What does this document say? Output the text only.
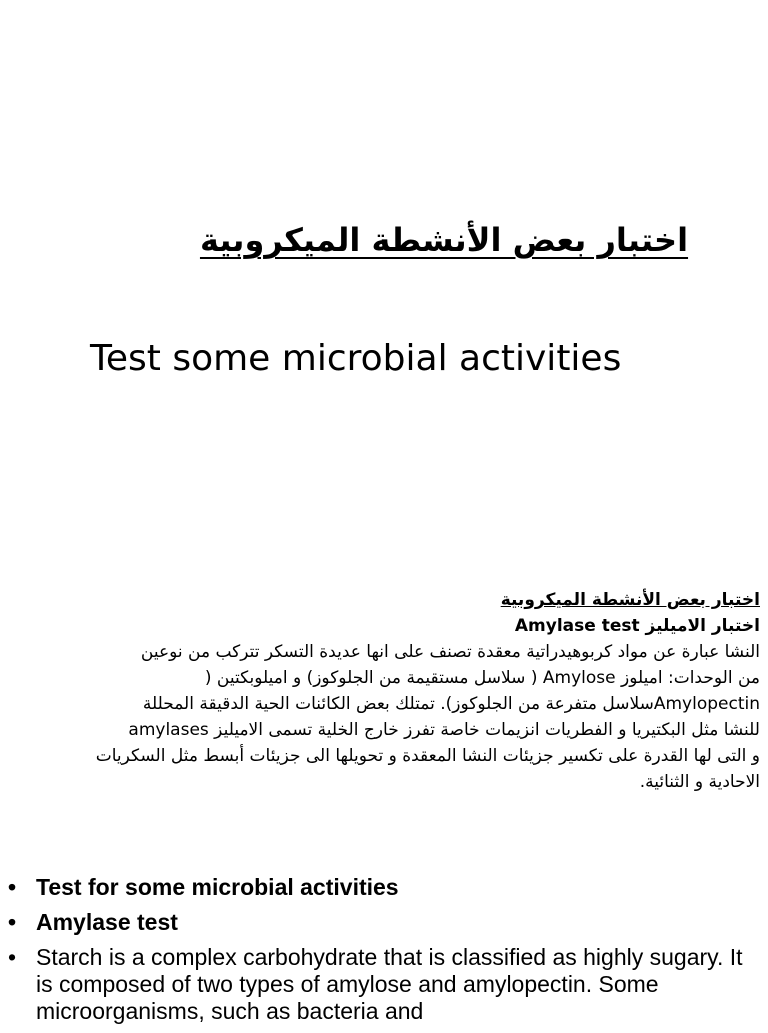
اختبار بعض الأنشطة الميكروبية
Test some microbial activities
اختبار بعض الأنشطة الميكروبية
اختبار الاميليز Amylase test
النشا عبارة عن مواد كربوهيدراتية معقدة تصنف على انها عديدة التسكر تتركب من نوعين
من الوحدات: اميلوز Amylose ( سلاسل مستقيمة من الجلوكوز) و اميلوبكتين (
Amylopectinسلاسل متفرعة من الجلوكوز). تمتلك بعض الكائنات الحية الدقيقة المحللة
للنشا مثل البكتيريا و الفطريات انزيمات خاصة تفرز خارج الخلية تسمى الاميليز amylases
و التى لها القدرة على تكسير جزيئات النشا المعقدة و تحويلها الى جزيئات أبسط مثل السكريات
الاحادية و الثنائية.
• Test for some microbial activities
• Amylase test
• Starch is a complex carbohydrate that is classified as highly sugary. It is composed of two types of amylose and amylopectin. Some microorganisms, such as bacteria and
